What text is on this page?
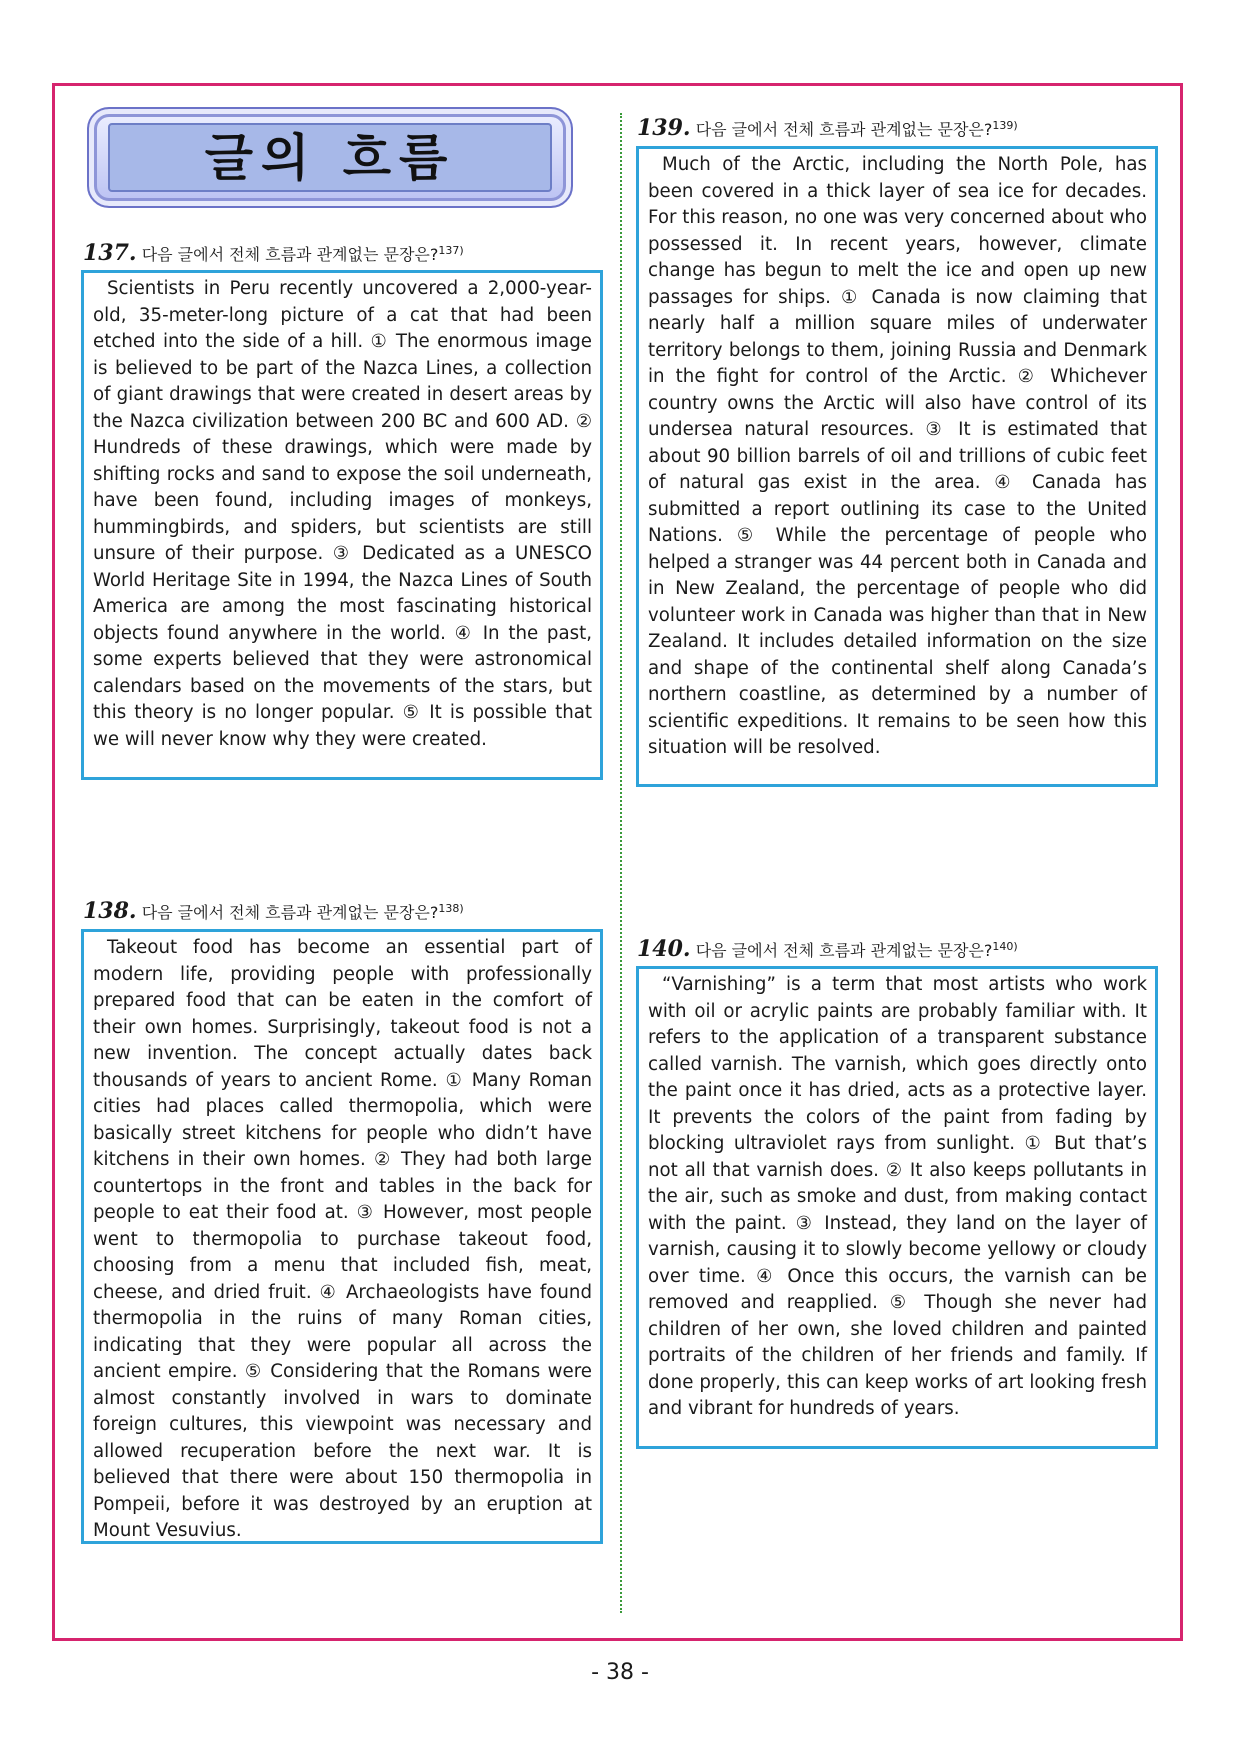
글의 흐름
137. 다음 글에서 전체 흐름과 관계없는 문장은?$^{137)}$
Scientists in Peru recently uncovered a 2,000-year-old, 35-meter-long picture of a cat that had been etched into the side of a hill. ① The enormous image is believed to be part of the Nazca Lines, a collection of giant drawings that were created in desert areas by the Nazca civilization between 200 BC and 600 AD. ② Hundreds of these drawings, which were made by shifting rocks and sand to expose the soil underneath, have been found, including images of monkeys, hummingbirds, and spiders, but scientists are still unsure of their purpose. ③ Dedicated as a UNESCO World Heritage Site in 1994, the Nazca Lines of South America are among the most fascinating historical objects found anywhere in the world. ④ In the past, some experts believed that they were astronomical calendars based on the movements of the stars, but this theory is no longer popular. ⑤ It is possible that we will never know why they were created.
138. 다음 글에서 전체 흐름과 관계없는 문장은?$^{138)}$
Takeout food has become an essential part of modern life, providing people with professionally prepared food that can be eaten in the comfort of their own homes. Surprisingly, takeout food is not a new invention. The concept actually dates back thousands of years to ancient Rome. ① Many Roman cities had places called thermopolia, which were basically street kitchens for people who didn’t have kitchens in their own homes. ② They had both large countertops in the front and tables in the back for people to eat their food at. ③ However, most people went to thermopolia to purchase takeout food, choosing from a menu that included fish, meat, cheese, and dried fruit. ④ Archaeologists have found thermopolia in the ruins of many Roman cities, indicating that they were popular all across the ancient empire. ⑤ Considering that the Romans were almost constantly involved in wars to dominate foreign cultures, this viewpoint was necessary and allowed recuperation before the next war. It is believed that there were about 150 thermopolia in Pompeii, before it was destroyed by an eruption at Mount Vesuvius.
139. 다음 글에서 전체 흐름과 관계없는 문장은?$^{139)}$
Much of the Arctic, including the North Pole, has been covered in a thick layer of sea ice for decades. For this reason, no one was very concerned about who possessed it. In recent years, however, climate change has begun to melt the ice and open up new passages for ships. ① Canada is now claiming that nearly half a million square miles of underwater territory belongs to them, joining Russia and Denmark in the fight for control of the Arctic. ② Whichever country owns the Arctic will also have control of its undersea natural resources. ③ It is estimated that about 90 billion barrels of oil and trillions of cubic feet of natural gas exist in the area. ④ Canada has submitted a report outlining its case to the United Nations. ⑤ While the percentage of people who helped a stranger was 44 percent both in Canada and in New Zealand, the percentage of people who did volunteer work in Canada was higher than that in New Zealand. It includes detailed information on the size and shape of the continental shelf along Canada’s northern coastline, as determined by a number of scientific expeditions. It remains to be seen how this situation will be resolved.
140. 다음 글에서 전체 흐름과 관계없는 문장은?$^{140)}$
“Varnishing” is a term that most artists who work with oil or acrylic paints are probably familiar with. It refers to the application of a transparent substance called varnish. The varnish, which goes directly onto the paint once it has dried, acts as a protective layer. It prevents the colors of the paint from fading by blocking ultraviolet rays from sunlight. ① But that’s not all that varnish does. ② It also keeps pollutants in the air, such as smoke and dust, from making contact with the paint. ③ Instead, they land on the layer of varnish, causing it to slowly become yellowy or cloudy over time. ④ Once this occurs, the varnish can be removed and reapplied. ⑤ Though she never had children of her own, she loved children and painted portraits of the children of her friends and family. If done properly, this can keep works of art looking fresh and vibrant for hundreds of years.
- 38 -
